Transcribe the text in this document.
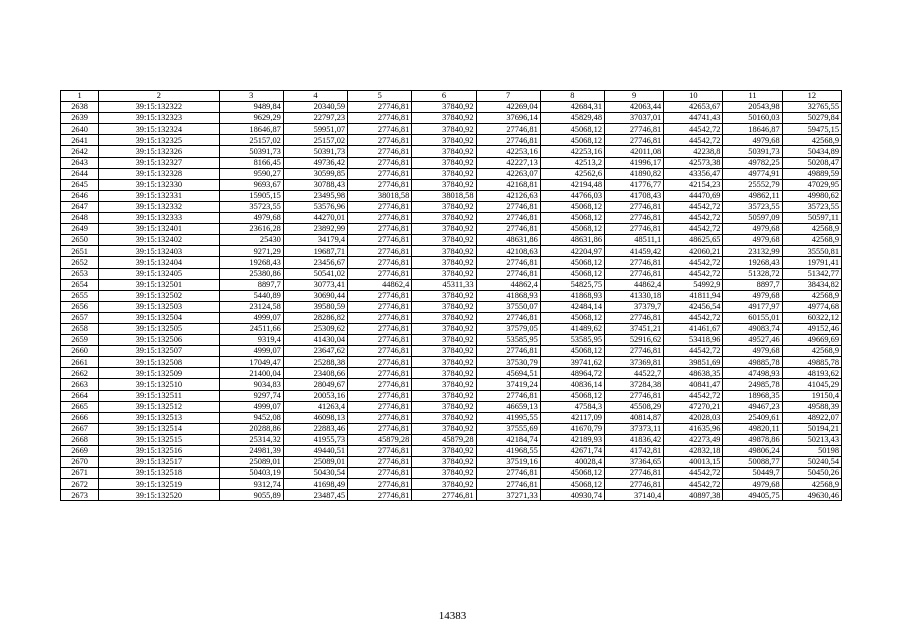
1	2	3	4	5	6	7	8	9	10	11	12
2638	39:15:132322	9489,84	20340,59	27746,81	37840,92	42269,04	42684,31	42063,44	42653,67	20543,98	32765,55
2639	39:15:132323	9629,29	22797,23	27746,81	37840,92	37696,14	45829,48	37037,01	44741,43	50160,03	50279,84
2640	39:15:132324	18646,87	59951,07	27746,81	37840,92	27746,81	45068,12	27746,81	44542,72	18646,87	59475,15
2641	39:15:132325	25157,02	25157,02	27746,81	37840,92	27746,81	45068,12	27746,81	44542,72	4979,68	42568,9
2642	39:15:132326	50391,73	50391,73	27746,81	37840,92	42253,16	42253,16	42011,08	42238,8	50391,73	50434,89
2643	39:15:132327	8166,45	49736,42	27746,81	37840,92	42227,13	42513,2	41996,17	42573,38	49782,25	50208,47
2644	39:15:132328	9590,27	30599,85	27746,81	37840,92	42263,07	42562,6	41890,82	43356,47	49774,91	49889,59
2645	39:15:132330	9693,67	30788,43	27746,81	37840,92	42168,81	42194,48	41776,77	42154,23	25552,79	47029,95
2646	39:15:132331	15905,15	23495,98	38018,58	38018,58	42126,63	44766,03	41708,43	44470,69	49862,11	49980,62
2647	39:15:132332	35723,55	53576,96	27746,81	37840,92	27746,81	45068,12	27746,81	44542,72	35723,55	35723,55
2648	39:15:132333	4979,68	44270,01	27746,81	37840,92	27746,81	45068,12	27746,81	44542,72	50597,09	50597,11
2649	39:15:132401	23616,28	23892,99	27746,81	37840,92	27746,81	45068,12	27746,81	44542,72	4979,68	42568,9
2650	39:15:132402	25430	34179,4	27746,81	37840,92	48631,86	48631,86	48511,1	48625,65	4979,68	42568,9
2651	39:15:132403	9271,29	19687,71	27746,81	37840,92	42108,63	42204,97	41459,42	42060,21	23132,99	35550,81
2652	39:15:132404	19268,43	23456,67	27746,81	37840,92	27746,81	45068,12	27746,81	44542,72	19268,43	19791,41
2653	39:15:132405	25380,86	50541,02	27746,81	37840,92	27746,81	45068,12	27746,81	44542,72	51328,72	51342,77
2654	39:15:132501	8897,7	30773,41	44862,4	45311,33	44862,4	54825,75	44862,4	54992,9	8897,7	38434,82
2655	39:15:132502	5440,89	30690,44	27746,81	37840,92	41868,93	41868,93	41330,18	41811,94	4979,68	42568,9
2656	39:15:132503	23124,58	39580,59	27746,81	37840,92	37550,07	42484,14	37379,7	42456,54	49177,97	49774,68
2657	39:15:132504	4999,07	28286,82	27746,81	37840,92	27746,81	45068,12	27746,81	44542,72	60155,01	60322,12
2658	39:15:132505	24511,66	25309,62	27746,81	37840,92	37579,05	41489,62	37451,21	41461,67	49083,74	49152,46
2659	39:15:132506	9319,4	41430,04	27746,81	37840,92	53585,95	53585,95	52916,62	53418,96	49527,46	49669,69
2660	39:15:132507	4999,07	23647,62	27746,81	37840,92	27746,81	45068,12	27746,81	44542,72	4979,68	42568,9
2661	39:15:132508	17049,47	25288,38	27746,81	37840,92	37530,79	39741,62	37369,81	39851,69	49885,78	49885,78
2662	39:15:132509	21400,04	23408,66	27746,81	37840,92	45694,51	48964,72	44522,7	48638,35	47498,93	48193,62
2663	39:15:132510	9034,83	28049,67	27746,81	37840,92	37419,24	40836,14	37284,38	40841,47	24985,78	41045,29
2664	39:15:132511	9297,74	20053,16	27746,81	37840,92	27746,81	45068,12	27746,81	44542,72	18968,35	19150,4
2665	39:15:132512	4999,07	41263,4	27746,81	37840,92	46659,13	47584,3	45508,29	47270,21	49467,23	49588,39
2666	39:15:132513	9452,08	46098,13	27746,81	37840,92	41995,55	42117,09	40814,87	42028,03	25409,61	48922,07
2667	39:15:132514	20288,86	22883,46	27746,81	37840,92	37555,69	41670,79	37373,11	41635,96	49820,11	50194,21
2668	39:15:132515	25314,32	41955,73	45879,28	45879,28	42184,74	42189,93	41836,42	42273,49	49878,86	50213,43
2669	39:15:132516	24981,39	49440,51	27746,81	37840,92	41968,55	42671,74	41742,81	42832,18	49806,24	50198
2670	39:15:132517	25089,01	25089,01	27746,81	37840,92	37519,16	40028,4	37364,65	40013,15	50088,77	50240,54
2671	39:15:132518	50403,19	50430,54	27746,81	37840,92	27746,81	45068,12	27746,81	44542,72	50449,7	50450,26
2672	39:15:132519	9312,74	41698,49	27746,81	37840,92	27746,81	45068,12	27746,81	44542,72	4979,68	42568,9
2673	39:15:132520	9055,89	23487,45	27746,81	27746,81	37271,33	40930,74	37140,4	40897,38	49405,75	49630,46
14383
